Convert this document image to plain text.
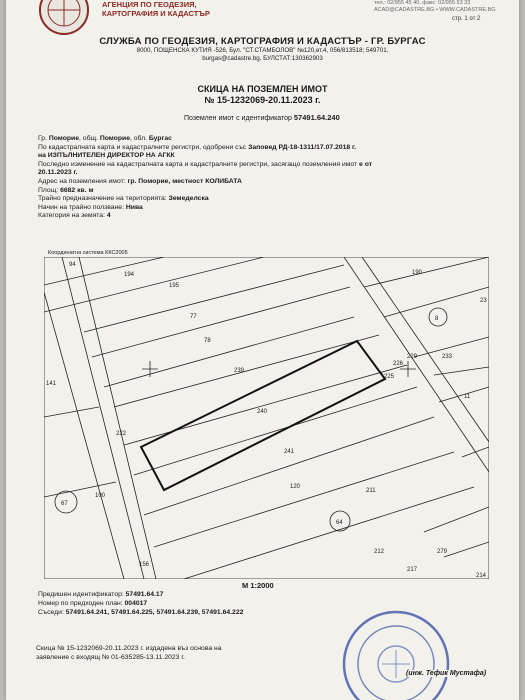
АГЕНЦИЯ ПО ГЕОДЕЗИЯ,
КАРТОГРАФИЯ И КАДАСТЪР
тел.: 02/955 45 40, факс: 02/955 53 33
ACAD@CADASTRE.BG • WWW.CADASTRE.BG
стр. 1 от 2
СЛУЖБА ПО ГЕОДЕЗИЯ, КАРТОГРАФИЯ И КАДАСТЪР - ГР. БУРГАС
8000, ПОЩЕНСКА КУТИЯ -526, Бул. "СТ.СТАМБОЛОВ" №120,ет.4, 056/813518; 549701,
burgas@cadastre.bg, БУЛСТАТ:130362903
СКИЦА НА ПОЗЕМЛЕН ИМОТ
№ 15-1232069-20.11.2023 г.
Поземлен имот с идентификатор 57491.64.240
Гр. Поморие, общ. Поморие, обл. Бургас
По кадастралната карта и кадастралните регистри, одобрени със Заповед РД-18-1311/17.07.2018 г.
на ИЗПЪЛНИТЕЛЕН ДИРЕКТОР НА АГКК
Последно изменение на кадастралната карта и кадастралните регистри, засягащо поземления имот е от
20.11.2023 г.
Адрес на поземления имот: гр. Поморие, местност КОЛИБАТА
Площ: 6682 кв. м
Трайно предназначение на територията: Земеделска
Начин на трайно ползване: Нива
Категория на земята: 4
Координатна система ККС2005
94
194
195
77
78
239
240
241
120
211
212	279
156
141
222
100
190
23
233
11
226
229
225
217
214
8
64
67
М 1:2000
Предишен идентификатор: 57491.64.17
Номер по предходен план: 004017
Съседи: 57491.64.241, 57491.64.225, 57491.64.239, 57491.64.222
Скица № 15-1232069-20.11.2023 г. издадена въз основа на
заявление с входящ № 01-635285-13.11.2023 г.
(инж. Тефик Мустафа)
